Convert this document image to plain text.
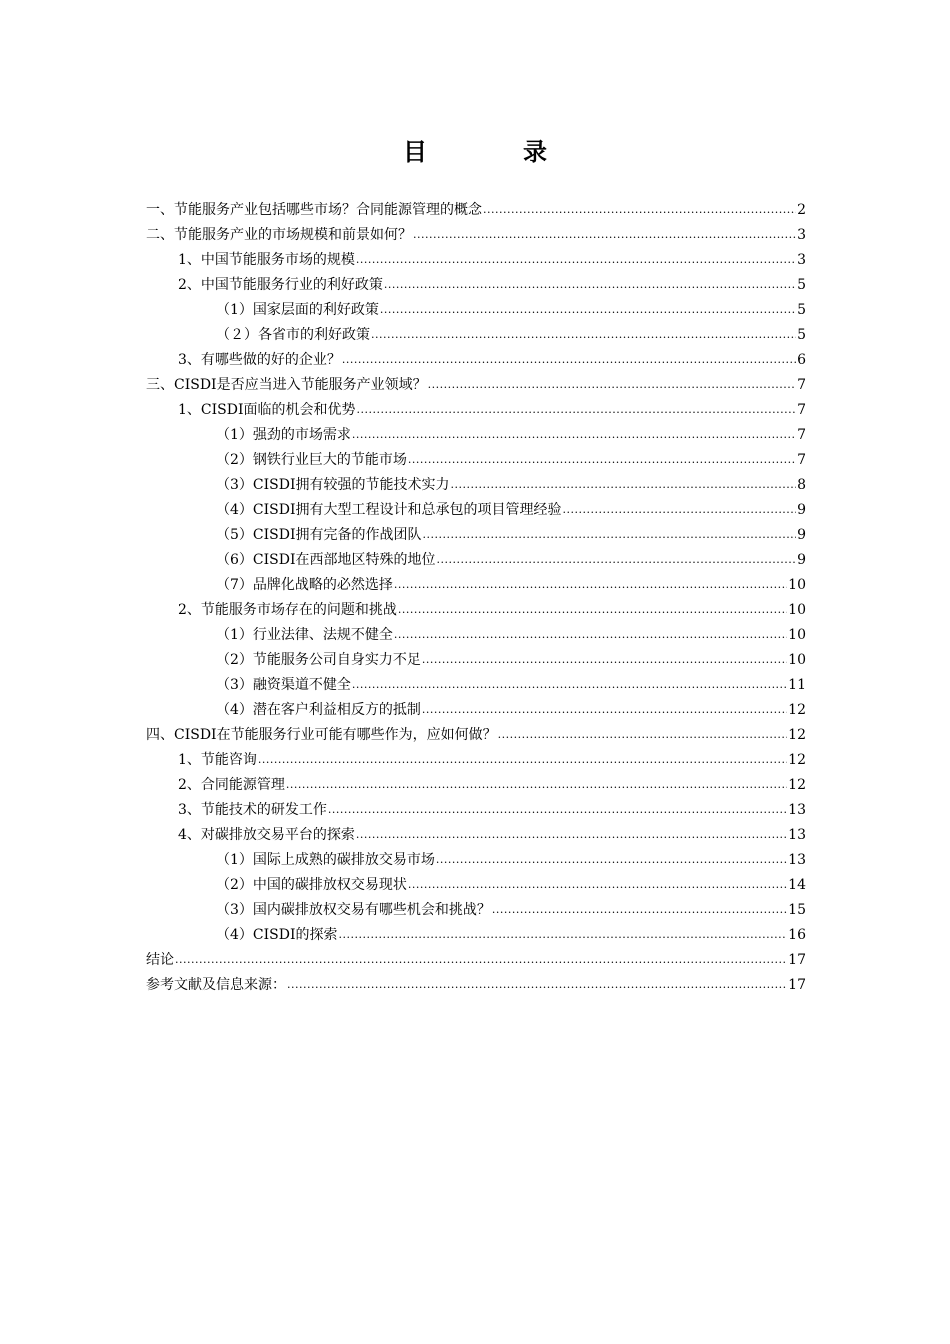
目　录
一、节能服务产业包括哪些市场？合同能源管理的概念 .....	2
二、节能服务产业的市场规模和前景如何？ .....	3
1、中国节能服务市场的规模 .....	3
2、中国节能服务行业的利好政策 .....	5
（1）国家层面的利好政策 .....	5
（２）各省市的利好政策 .....	5
3、有哪些做的好的企业？ .....	6
三、CISDI是否应当进入节能服务产业领域？ .....	7
1、CISDI面临的机会和优势 .....	7
（1）强劲的市场需求 .....	7
（2）钢铁行业巨大的节能市场 .....	7
（3）CISDI拥有较强的节能技术实力 .....	8
（4）CISDI拥有大型工程设计和总承包的项目管理经验 .....	9
（5）CISDI拥有完备的作战团队 .....	9
（6）CISDI在西部地区特殊的地位 .....	9
（7）品牌化战略的必然选择 .....	10
2、节能服务市场存在的问题和挑战 .....	10
（1）行业法律、法规不健全 .....	10
（2）节能服务公司自身实力不足 .....	10
（3）融资渠道不健全 .....	11
（4）潜在客户利益相反方的抵制 .....	12
四、CISDI在节能服务行业可能有哪些作为，应如何做？ .....	12
1、节能咨询 .....	12
2、合同能源管理 .....	12
3、节能技术的研发工作 .....	13
4、对碳排放交易平台的探索 .....	13
（1）国际上成熟的碳排放交易市场 .....	13
（2）中国的碳排放权交易现状 .....	14
（3）国内碳排放权交易有哪些机会和挑战？ .....	15
（4）CISDI的探索 .....	16
结论 .....	17
参考文献及信息来源： .....	17
